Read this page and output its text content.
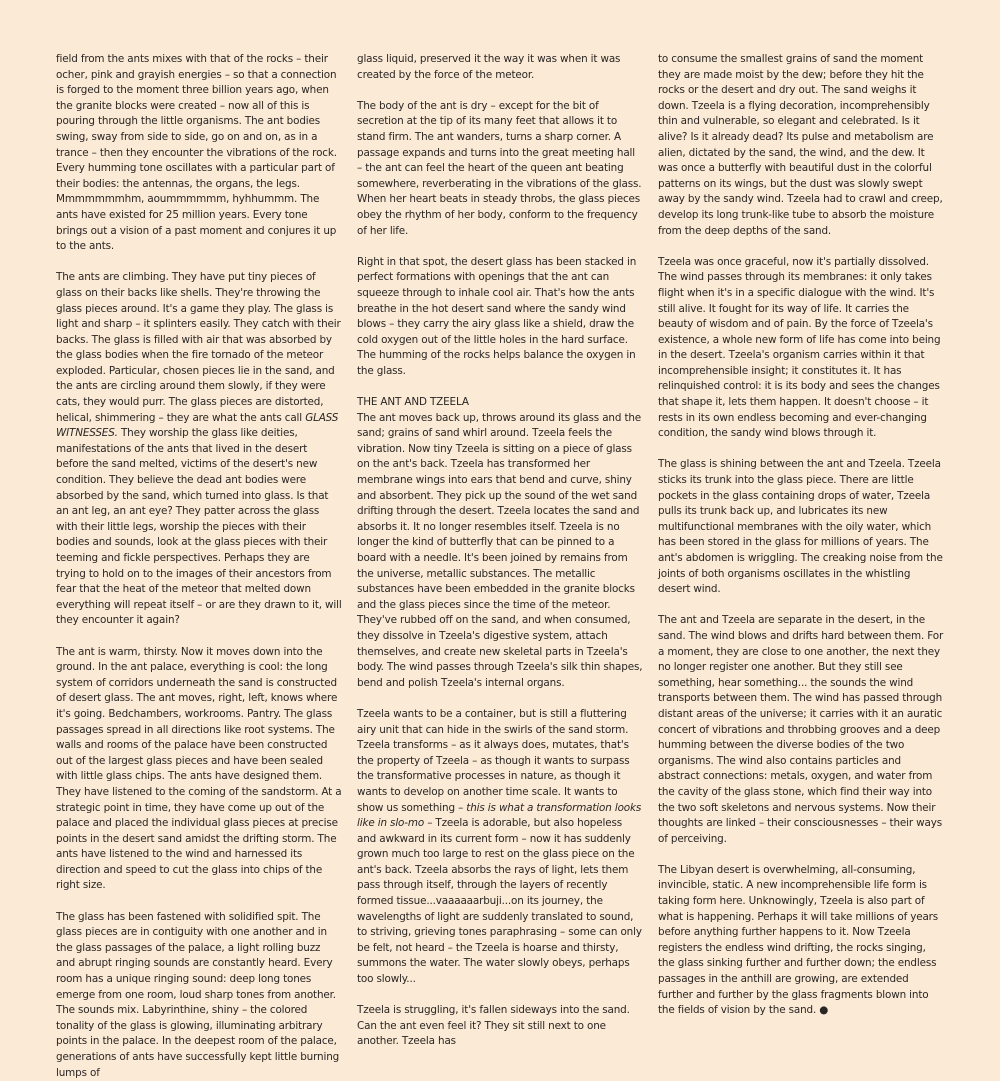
field from the ants mixes with that of the rocks – their ocher, pink and grayish energies – so that a connection is forged to the moment three billion years ago, when the granite blocks were created – now all of this is pouring through the little organisms. The ant bodies swing, sway from side to side, go on and on, as in a trance – then they encounter the vibrations of the rock. Every humming tone oscillates with a particular part of their bodies: the antennas, the organs, the legs. Mmmmmmmhm, aoummmmmm, hyhhummm. The ants have existed for 25 million years. Every tone brings out a vision of a past moment and conjures it up to the ants.

The ants are climbing. They have put tiny pieces of glass on their backs like shells. They're throwing the glass pieces around. It's a game they play. The glass is light and sharp – it splinters easily. They catch with their backs. The glass is filled with air that was absorbed by the glass bodies when the fire tornado of the meteor exploded. Particular, chosen pieces lie in the sand, and the ants are circling around them slowly, if they were cats, they would purr. The glass pieces are distorted, helical, shimmering – they are what the ants call GLASS WITNESSES. They worship the glass like deities, manifestations of the ants that lived in the desert before the sand melted, victims of the desert's new condition. They believe the dead ant bodies were absorbed by the sand, which turned into glass. Is that an ant leg, an ant eye? They patter across the glass with their little legs, worship the pieces with their bodies and sounds, look at the glass pieces with their teeming and fickle perspectives. Perhaps they are trying to hold on to the images of their ancestors from fear that the heat of the meteor that melted down everything will repeat itself – or are they drawn to it, will they encounter it again?

The ant is warm, thirsty. Now it moves down into the ground. In the ant palace, everything is cool: the long system of corridors underneath the sand is constructed of desert glass. The ant moves, right, left, knows where it's going. Bedchambers, workrooms. Pantry. The glass passages spread in all directions like root systems. The walls and rooms of the palace have been constructed out of the largest glass pieces and have been sealed with little glass chips. The ants have designed them. They have listened to the coming of the sandstorm. At a strategic point in time, they have come up out of the palace and placed the individual glass pieces at precise points in the desert sand amidst the drifting storm. The ants have listened to the wind and harnessed its direction and speed to cut the glass into chips of the right size.

The glass has been fastened with solidified spit. The glass pieces are in contiguity with one another and in the glass passages of the palace, a light rolling buzz and abrupt ringing sounds are constantly heard. Every room has a unique ringing sound: deep long tones emerge from one room, loud sharp tones from another. The sounds mix. Labyrinthine, shiny – the colored tonality of the glass is glowing, illuminating arbitrary points in the palace. In the deepest room of the palace, generations of ants have successfully kept little burning lumps of

glass liquid, preserved it the way it was when it was created by the force of the meteor.

The body of the ant is dry – except for the bit of secretion at the tip of its many feet that allows it to stand firm. The ant wanders, turns a sharp corner. A passage expands and turns into the great meeting hall – the ant can feel the heart of the queen ant beating somewhere, reverberating in the vibrations of the glass. When her heart beats in steady throbs, the glass pieces obey the rhythm of her body, conform to the frequency of her life.

Right in that spot, the desert glass has been stacked in perfect formations with openings that the ant can squeeze through to inhale cool air. That's how the ants breathe in the hot desert sand where the sandy wind blows – they carry the airy glass like a shield, draw the cold oxygen out of the little holes in the hard surface. The humming of the rocks helps balance the oxygen in the glass.

THE ANT AND TZEELA

The ant moves back up, throws around its glass and the sand; grains of sand whirl around. Tzeela feels the vibration. Now tiny Tzeela is sitting on a piece of glass on the ant's back. Tzeela has transformed her membrane wings into ears that bend and curve, shiny and absorbent. They pick up the sound of the wet sand drifting through the desert. Tzeela locates the sand and absorbs it. It no longer resembles itself. Tzeela is no longer the kind of butterfly that can be pinned to a board with a needle. It's been joined by remains from the universe, metallic substances. The metallic substances have been embedded in the granite blocks and the glass pieces since the time of the meteor. They've rubbed off on the sand, and when consumed, they dissolve in Tzeela's digestive system, attach themselves, and create new skeletal parts in Tzeela's body. The wind passes through Tzeela's silk thin shapes, bend and polish Tzeela's internal organs.

Tzeela wants to be a container, but is still a fluttering airy unit that can hide in the swirls of the sand storm. Tzeela transforms – as it always does, mutates, that's the property of Tzeela – as though it wants to surpass the transformative processes in nature, as though it wants to develop on another time scale. It wants to show us something – this is what a transformation looks like in slo-mo – Tzeela is adorable, but also hopeless and awkward in its current form – now it has suddenly grown much too large to rest on the glass piece on the ant's back. Tzeela absorbs the rays of light, lets them pass through itself, through the layers of recently formed tissue...vaaaaaarbuji...on its journey, the wavelengths of light are suddenly translated to sound, to striving, grieving tones paraphrasing – some can only be felt, not heard – the Tzeela is hoarse and thirsty, summons the water. The water slowly obeys, perhaps too slowly...

Tzeela is struggling, it's fallen sideways into the sand. Can the ant even feel it? They sit still next to one another. Tzeela has

to consume the smallest grains of sand the moment they are made moist by the dew; before they hit the rocks or the desert and dry out. The sand weighs it down. Tzeela is a flying decoration, incomprehensibly thin and vulnerable, so elegant and celebrated. Is it alive? Is it already dead? Its pulse and metabolism are alien, dictated by the sand, the wind, and the dew. It was once a butterfly with beautiful dust in the colorful patterns on its wings, but the dust was slowly swept away by the sandy wind. Tzeela had to crawl and creep, develop its long trunk-like tube to absorb the moisture from the deep depths of the sand.

Tzeela was once graceful, now it's partially dissolved. The wind passes through its membranes: it only takes flight when it's in a specific dialogue with the wind. It's still alive. It fought for its way of life. It carries the beauty of wisdom and of pain. By the force of Tzeela's existence, a whole new form of life has come into being in the desert. Tzeela's organism carries within it that incomprehensible insight; it constitutes it. It has relinquished control: it is its body and sees the changes that shape it, lets them happen. It doesn't choose – it rests in its own endless becoming and ever-changing condition, the sandy wind blows through it.

The glass is shining between the ant and Tzeela. Tzeela sticks its trunk into the glass piece. There are little pockets in the glass containing drops of water, Tzeela pulls its trunk back up, and lubricates its new multifunctional membranes with the oily water, which has been stored in the glass for millions of years. The ant's abdomen is wriggling. The creaking noise from the joints of both organisms oscillates in the whistling desert wind.

The ant and Tzeela are separate in the desert, in the sand. The wind blows and drifts hard between them. For a moment, they are close to one another, the next they no longer register one another. But they still see something, hear something... the sounds the wind transports between them. The wind has passed through distant areas of the universe; it carries with it an auratic concert of vibrations and throbbing grooves and a deep humming between the diverse bodies of the two organisms. The wind also contains particles and abstract connections: metals, oxygen, and water from the cavity of the glass stone, which find their way into the two soft skeletons and nervous systems. Now their thoughts are linked – their consciousnesses – their ways of perceiving.

The Libyan desert is overwhelming, all-consuming, invincible, static. A new incomprehensible life form is taking form here. Unknowingly, Tzeela is also part of what is happening. Perhaps it will take millions of years before anything further happens to it. Now Tzeela registers the endless wind drifting, the rocks singing, the glass sinking further and further down; the endless passages in the anthill are growing, are extended further and further by the glass fragments blown into the fields of vision by the sand. ●
